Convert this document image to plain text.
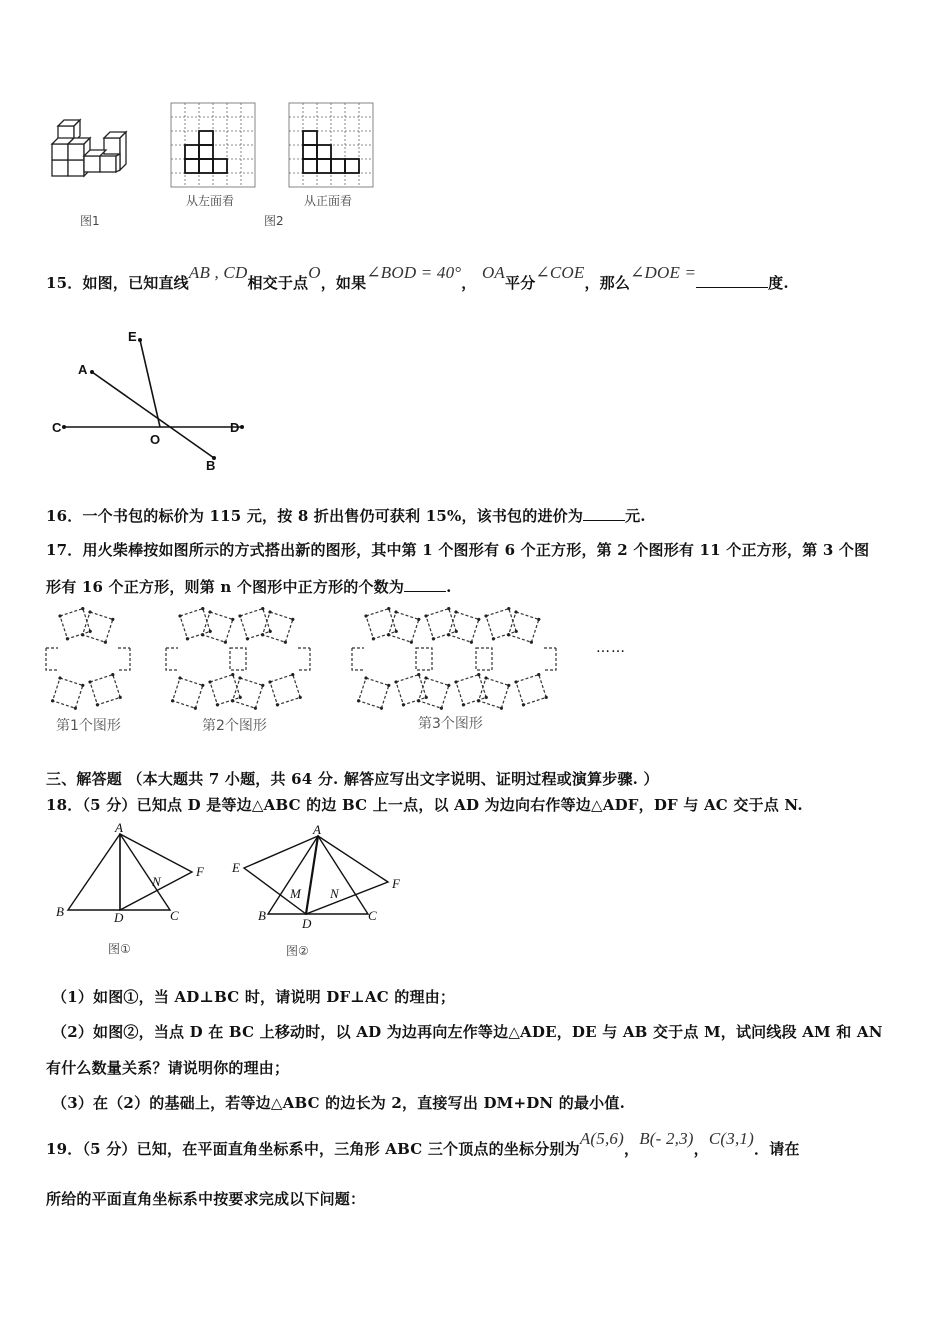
图1
从左面看
图2
从正面看
15．如图，已知直线AB , CD相交于点O，如果∠BOD = 40°， OA平分∠COE，那么∠DOE =度.
E
A
C
O
D
B
16．一个书包的标价为 115 元，按 8 折出售仍可获利 15%，该书包的进价为	元.
17．用火柴棒按如图所示的方式搭出新的图形，其中第 1 个图形有 6 个正方形，第 2 个图形有 11 个正方形，第 3 个图
形有 16 个正方形，则第 n 个图形中正方形的个数为	.
第1个图形	第2个图形	第3个图形
……
三、解答题 （本大题共 7 小题，共 64 分. 解答应写出文字说明、证明过程或演算步骤. ）
18．（5 分）已知点 D 是等边△ABC 的边 BC 上一点，以 AD 为边向右作等边△ADF，DF 与 AC 交于点 N.
A
B	C
D
N
F
图①
A
E
F
M N
B	C
D
图②
（1）如图①，当 AD⊥BC 时，请说明 DF⊥AC 的理由；
（2）如图②，当点 D 在 BC 上移动时，以 AD 为边再向左作等边△ADE，DE 与 AB 交于点 M，试问线段 AM 和 AN
有什么数量关系？请说明你的理由；
（3）在（2）的基础上，若等边△ABC 的边长为 2，直接写出 DM+DN 的最小值.
19．（5 分）已知，在平面直角坐标系中，三角形 ABC 三个顶点的坐标分别为A(5,6)，B(- 2,3)，C(3,1)．请在
所给的平面直角坐标系中按要求完成以下问题：
